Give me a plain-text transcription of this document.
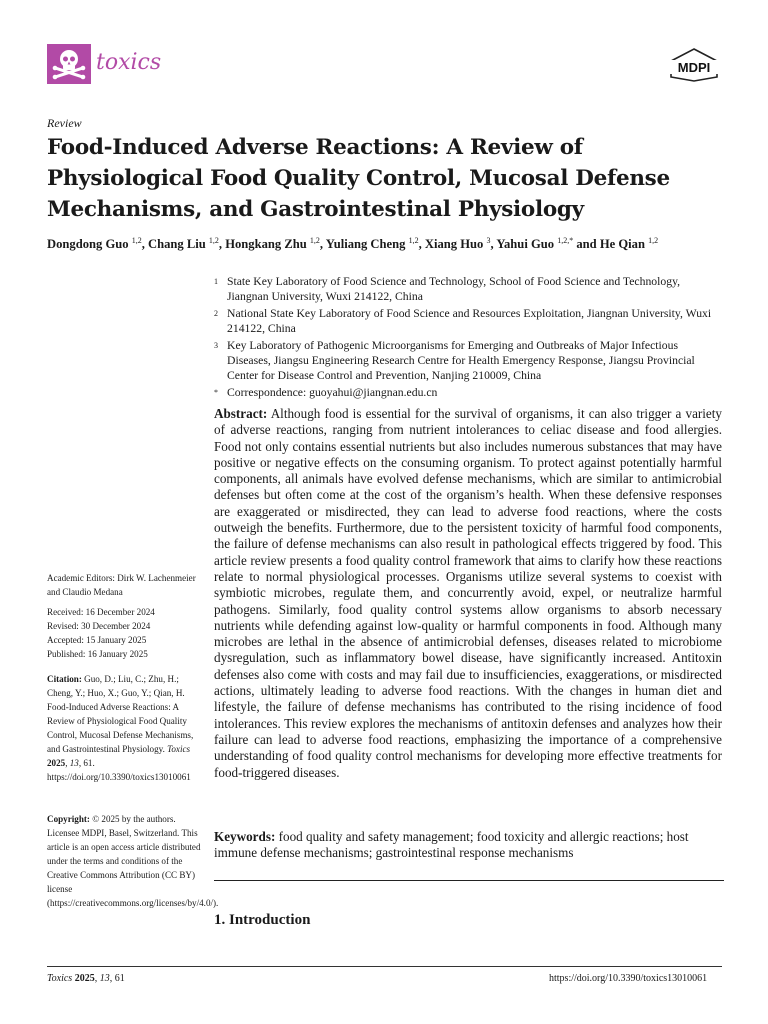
toxics	MDPI
Review
Food-Induced Adverse Reactions: A Review of Physiological Food Quality Control, Mucosal Defense Mechanisms, and Gastrointestinal Physiology
Dongdong Guo $^{1,2}$, Chang Liu $^{1,2}$, Hongkang Zhu $^{1,2}$, Yuliang Cheng $^{1,2}$, Xiang Huo $^3$, Yahui Guo $^{1,2,*}$ and He Qian $^{1,2}$
1 State Key Laboratory of Food Science and Technology, School of Food Science and Technology, Jiangnan University, Wuxi 214122, China
2 National State Key Laboratory of Food Science and Resources Exploitation, Jiangnan University, Wuxi 214122, China
3 Key Laboratory of Pathogenic Microorganisms for Emerging and Outbreaks of Major Infectious Diseases, Jiangsu Engineering Research Centre for Health Emergency Response, Jiangsu Provincial Center for Disease Control and Prevention, Nanjing 210009, China
* Correspondence: guoyahui@jiangnan.edu.cn
Abstract: Although food is essential for the survival of organisms, it can also trigger a variety of adverse reactions, ranging from nutrient intolerances to celiac disease and food allergies. Food not only contains essential nutrients but also includes numerous substances that may have positive or negative effects on the consuming organism. To protect against potentially harmful components, all animals have evolved defense mechanisms, which are similar to antimicrobial defenses but often come at the cost of the organism’s health. When these defensive responses are exaggerated or misdirected, they can lead to adverse food reactions, where the costs outweigh the benefits. Furthermore, due to the persistent toxicity of harmful food components, the failure of defense mechanisms can also result in pathological effects triggered by food. This article review presents a food quality control framework that aims to clarify how these reactions relate to normal physiological processes. Organisms utilize several systems to coexist with symbiotic microbes, regulate them, and concurrently avoid, expel, or neutralize harmful pathogens. Similarly, food quality control systems allow organisms to absorb necessary nutrients while defending against low-quality or harmful components in food. Although many microbes are lethal in the absence of antimicrobial defenses, diseases related to microbiome dysregulation, such as inflammatory bowel disease, have significantly increased. Antitoxin defenses also come with costs and may fail due to insufficiencies, exaggerations, or misdirected actions, ultimately leading to adverse food reactions. With the changes in human diet and lifestyle, the failure of defense mechanisms has contributed to the rising incidence of food intolerances. This review explores the mechanisms of antitoxin defenses and analyzes how their failure can lead to adverse food reactions, emphasizing the importance of a comprehensive understanding of food quality control mechanisms for developing more effective treatments for food-triggered diseases.
Keywords: food quality and safety management; food toxicity and allergic reactions; host immune defense mechanisms; gastrointestinal response mechanisms
1. Introduction
Academic Editors: Dirk W. Lachenmeier and Claudio Medana
Received: 16 December 2024
Revised: 30 December 2024
Accepted: 15 January 2025
Published: 16 January 2025
Citation: Guo, D.; Liu, C.; Zhu, H.; Cheng, Y.; Huo, X.; Guo, Y.; Qian, H. Food-Induced Adverse Reactions: A Review of Physiological Food Quality Control, Mucosal Defense Mechanisms, and Gastrointestinal Physiology. Toxics 2025, 13, 61. https://doi.org/10.3390/toxics13010061
Copyright: © 2025 by the authors. Licensee MDPI, Basel, Switzerland. This article is an open access article distributed under the terms and conditions of the Creative Commons Attribution (CC BY) license (https://creativecommons.org/licenses/by/4.0/).
Toxics 2025, 13, 61	https://doi.org/10.3390/toxics13010061
